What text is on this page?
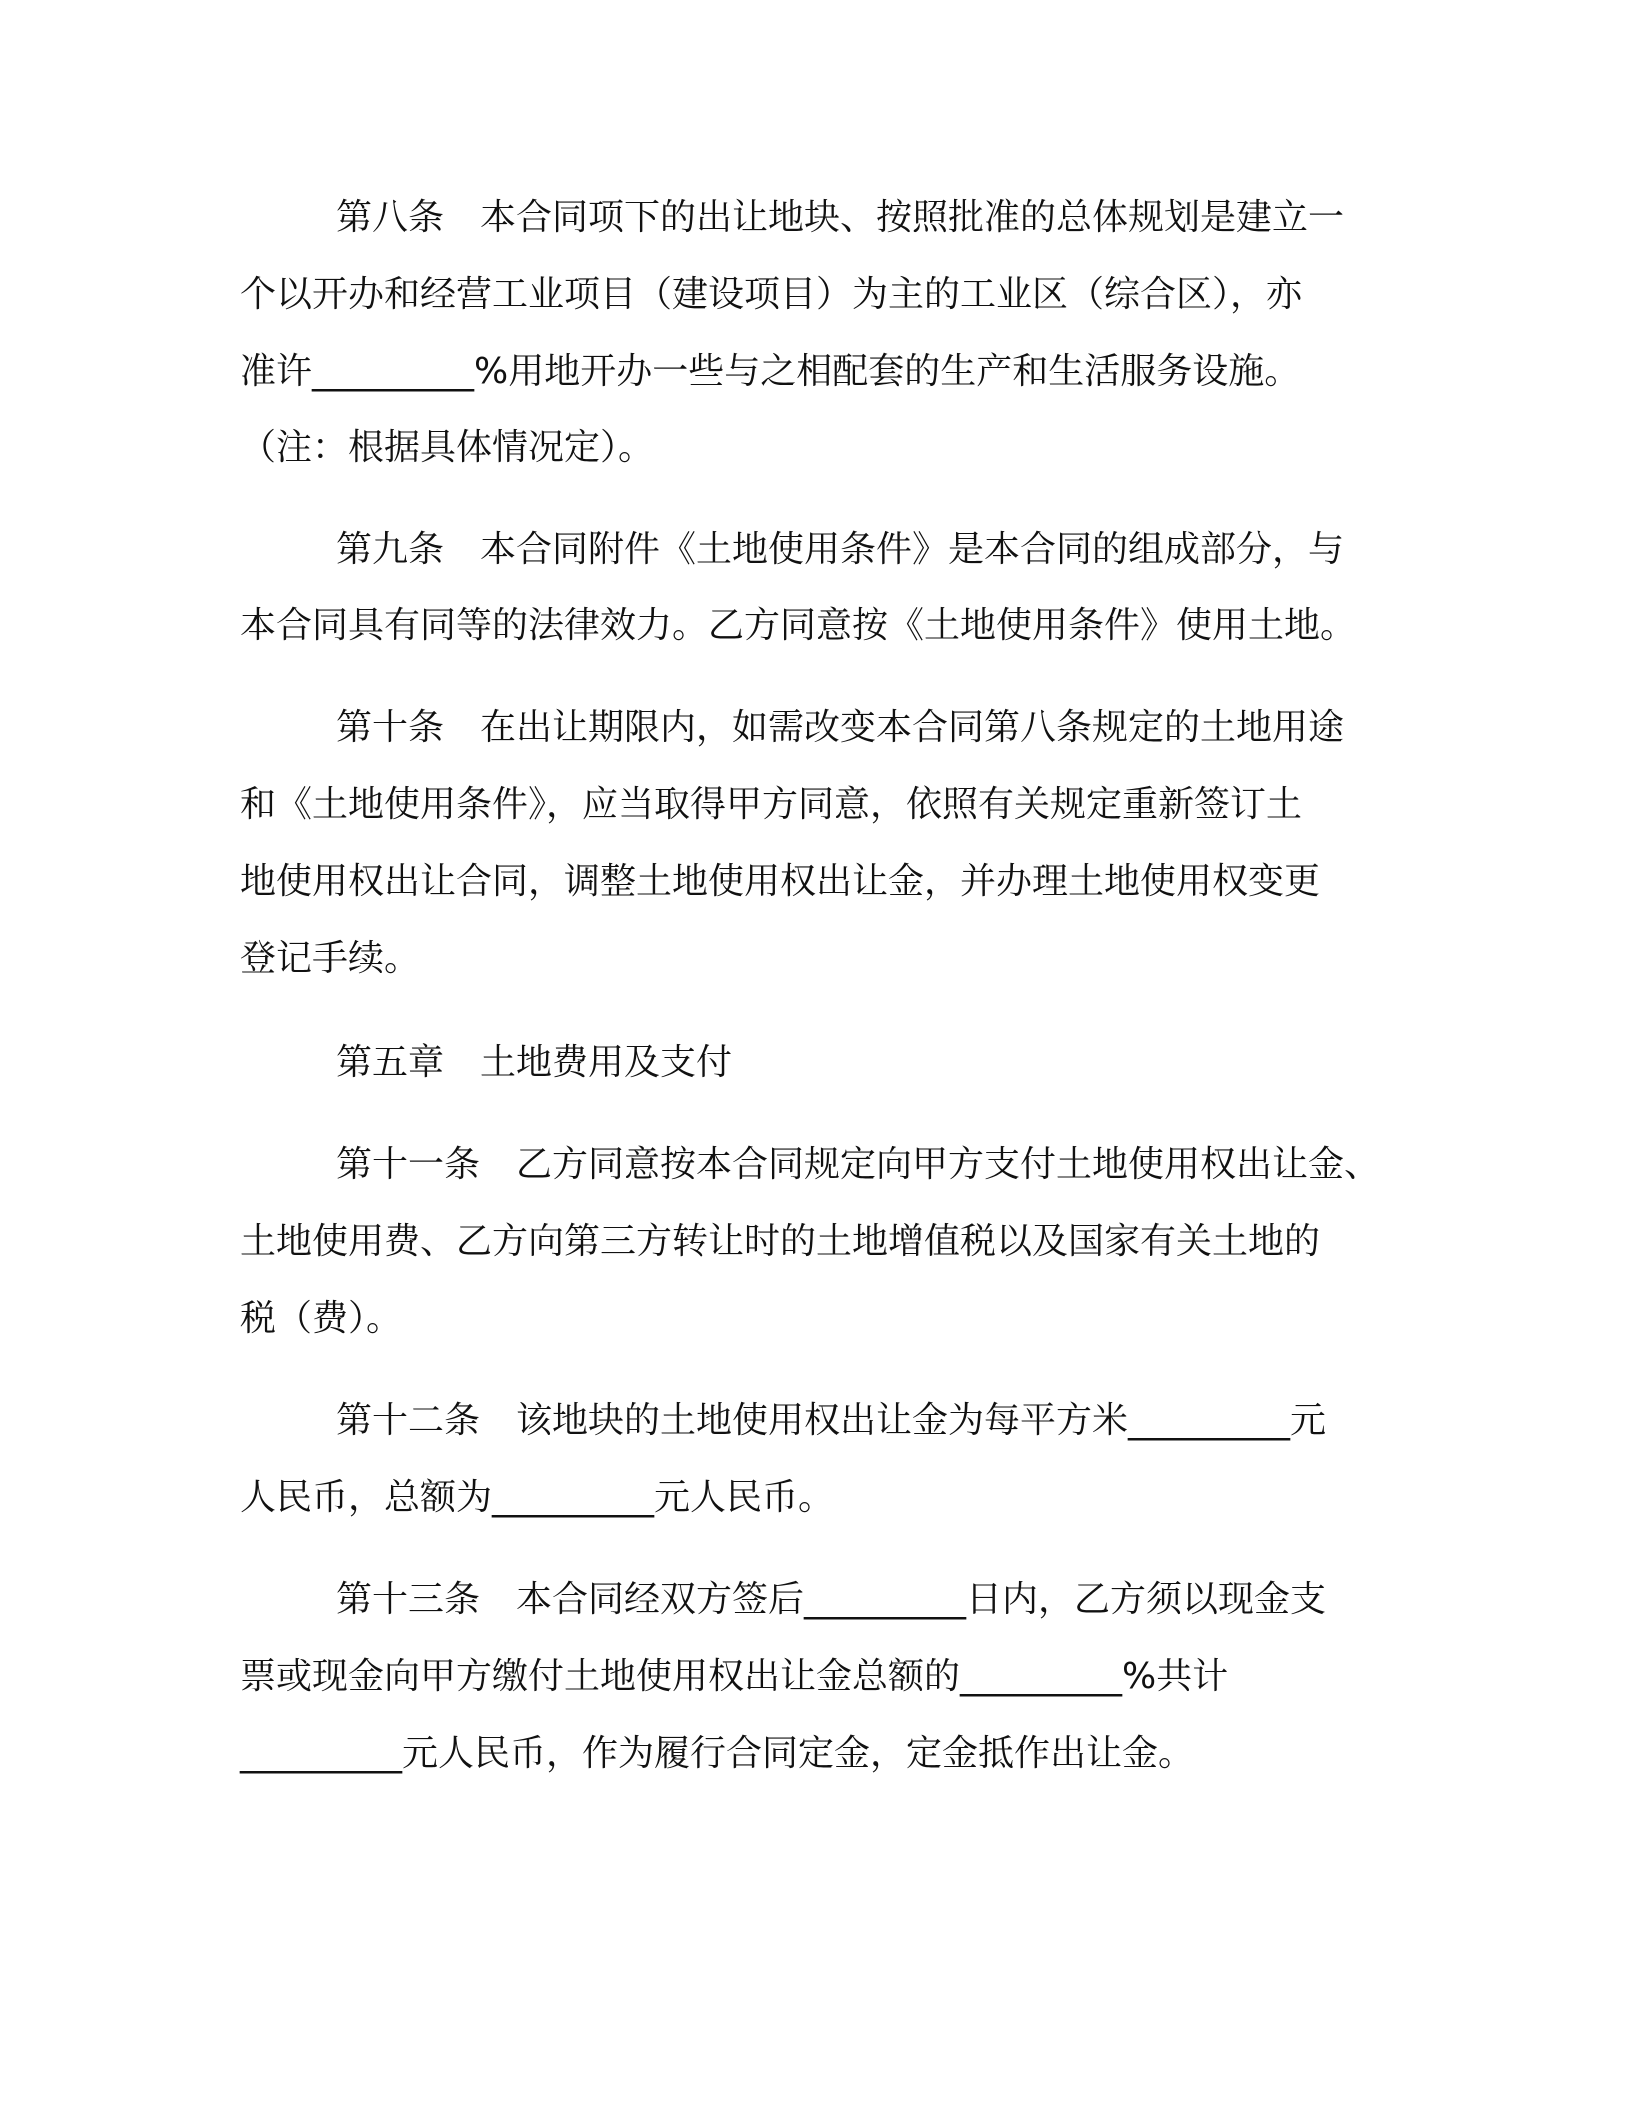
第八条　本合同项下的出让地块、按照批准的总体规划是建立一
个以开办和经营工业项目（建设项目）为主的工业区（综合区），亦
准许_________%用地开办一些与之相配套的生产和生活服务设施。
（注：根据具体情况定）。
第九条　本合同附件《土地使用条件》是本合同的组成部分，与
本合同具有同等的法律效力。乙方同意按《土地使用条件》使用土地。
第十条　在出让期限内，如需改变本合同第八条规定的土地用途
和《土地使用条件》，应当取得甲方同意，依照有关规定重新签订土
地使用权出让合同，调整土地使用权出让金，并办理土地使用权变更
登记手续。
第五章　土地费用及支付
第十一条　乙方同意按本合同规定向甲方支付土地使用权出让金、
土地使用费、乙方向第三方转让时的土地增值税以及国家有关土地的
税（费）。
第十二条　该地块的土地使用权出让金为每平方米_________元
人民币，总额为_________元人民币。
第十三条　本合同经双方签后_________日内，乙方须以现金支
票或现金向甲方缴付土地使用权出让金总额的_________%共计
_________元人民币，作为履行合同定金，定金抵作出让金。
